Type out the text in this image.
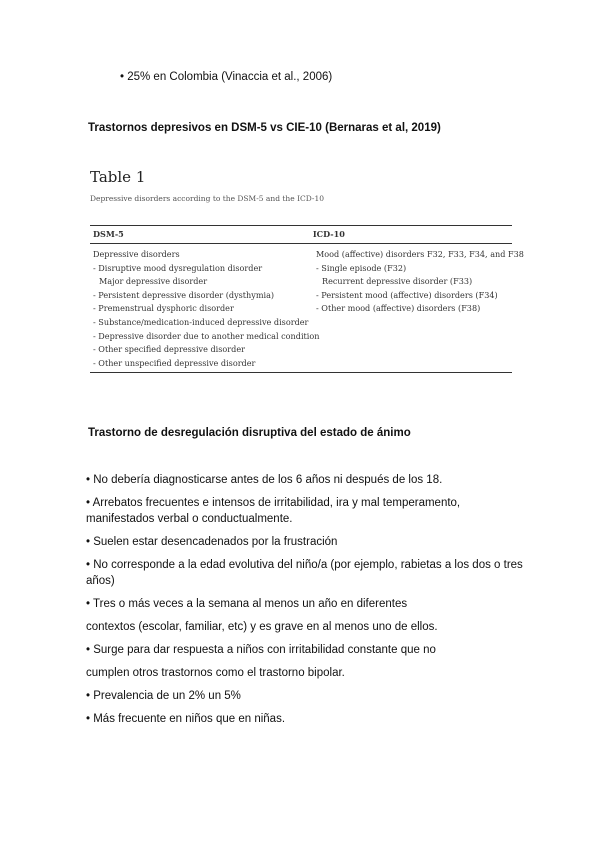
• 25% en Colombia (Vinaccia et al., 2006)
Trastornos depresivos en DSM-5 vs CIE-10 (Bernaras et al, 2019)
Table 1
Depressive disorders according to the DSM-5 and the ICD-10
DSM-5	ICD-10
Depressive disorders
- Disruptive mood dysregulation disorder
Major depressive disorder
- Persistent depressive disorder (dysthymia)
- Premenstrual dysphoric disorder
- Substance/medication-induced depressive disorder
- Depressive disorder due to another medical condition
- Other specified depressive disorder
- Other unspecified depressive disorder
Mood (affective) disorders F32, F33, F34, and F38
- Single episode (F32)
Recurrent depressive disorder (F33)
- Persistent mood (affective) disorders (F34)
- Other mood (affective) disorders (F38)
Trastorno de desregulación disruptiva del estado de ánimo

• No debería diagnosticarse antes de los 6 años ni después de los 18.

• Arrebatos frecuentes e intensos de irritabilidad, ira y mal temperamento,

manifestados verbal o conductualmente.

• Suelen estar desencadenados por la frustración

• No corresponde a la edad evolutiva del niño/a (por ejemplo, rabietas a los dos o tres

años)

• Tres o más veces a la semana al menos un año en diferentes

contextos (escolar, familiar, etc) y es grave en al menos uno de ellos.

• Surge para dar respuesta a niños con irritabilidad constante que no

cumplen otros trastornos como el trastorno bipolar.

• Prevalencia de un 2% un 5%

• Más frecuente en niños que en niñas.
